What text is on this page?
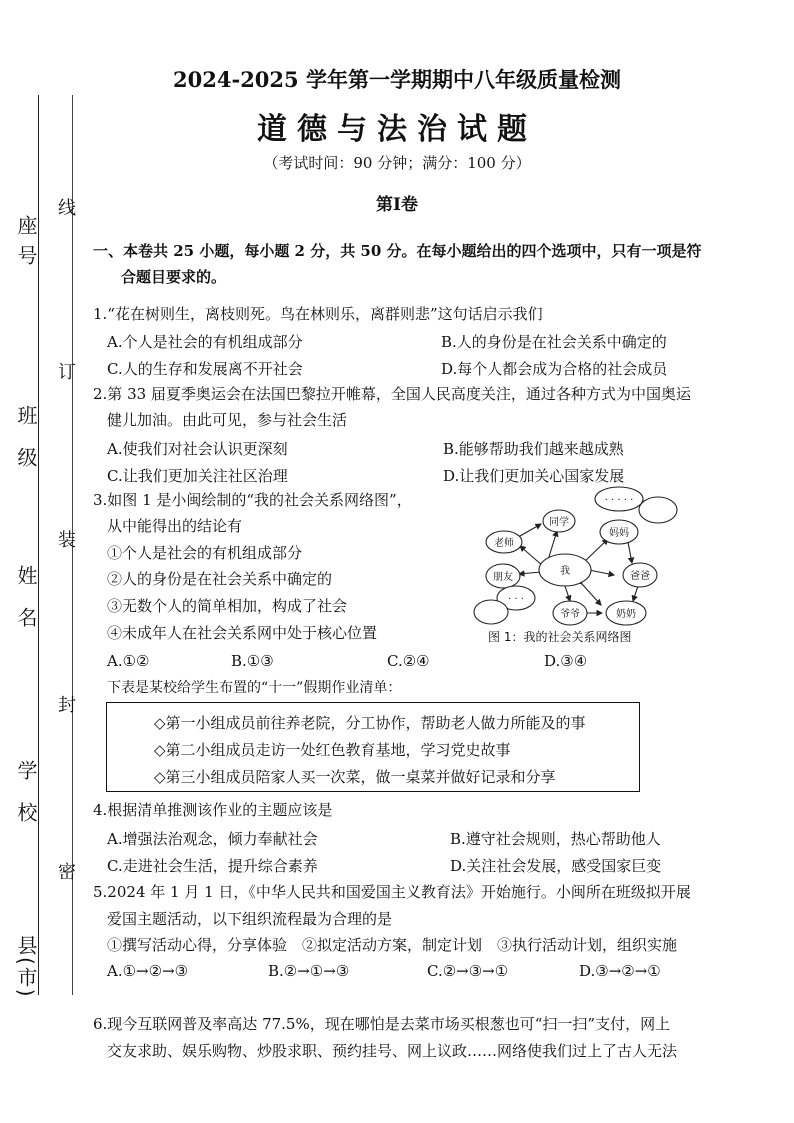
座号
班级
姓名
学校
县(市)
线
订
装
封
密
2024-2025 学年第一学期期中八年级质量检测
道德与法治试题
（考试时间：90 分钟；满分：100 分）
第Ⅰ卷
一、本卷共 25 小题，每小题 2 分，共 50 分。在每小题给出的四个选项中，只有一项是符
合题目要求的。
1.“花在树则生，离枝则死。鸟在林则乐，离群则悲”这句话启示我们
A.个人是社会的有机组成部分	B.人的身份是在社会关系中确定的
C.人的生存和发展离不开社会	D.每个人都会成为合格的社会成员
2.第 33 届夏季奥运会在法国巴黎拉开帷幕，全国人民高度关注，通过各种方式为中国奥运
健儿加油。由此可见，参与社会生活
A.使我们对社会认识更深刻	B.能够帮助我们越来越成熟
C.让我们更加关注社区治理	D.让我们更加关心国家发展
3.如图 1 是小闽绘制的“我的社会关系网络图”，
从中能得出的结论有
①个人是社会的有机组成部分
②人的身份是在社会关系中确定的
③无数个人的简单相加，构成了社会
④未成年人在社会关系网中处于核心位置
A.①②	B.①③	C.②④	D.③④
· · · · ·
同学
妈妈
老师
我
朋友
· · ·
爸爸
爷爷	奶奶
图 1：我的社会关系网络图
下表是某校给学生布置的“十一”假期作业清单：
◇第一小组成员前往养老院，分工协作，帮助老人做力所能及的事
◇第二小组成员走访一处红色教育基地，学习党史故事
◇第三小组成员陪家人买一次菜，做一桌菜并做好记录和分享
4.根据清单推测该作业的主题应该是
A.增强法治观念，倾力奉献社会	B.遵守社会规则，热心帮助他人
C.走进社会生活，提升综合素养	D.关注社会发展，感受国家巨变
5.2024 年 1 月 1 日，《中华人民共和国爱国主义教育法》开始施行。小闽所在班级拟开展
爱国主题活动，以下组织流程最为合理的是
①撰写活动心得，分享体验　②拟定活动方案，制定计划　③执行活动计划，组织实施
A.①→②→③	B.②→①→③	C.②→③→①	D.③→②→①
6.现今互联网普及率高达 77.5%，现在哪怕是去菜市场买根葱也可“扫一扫”支付，网上
交友求助、娱乐购物、炒股求职、预约挂号、网上议政……网络使我们过上了古人无法
